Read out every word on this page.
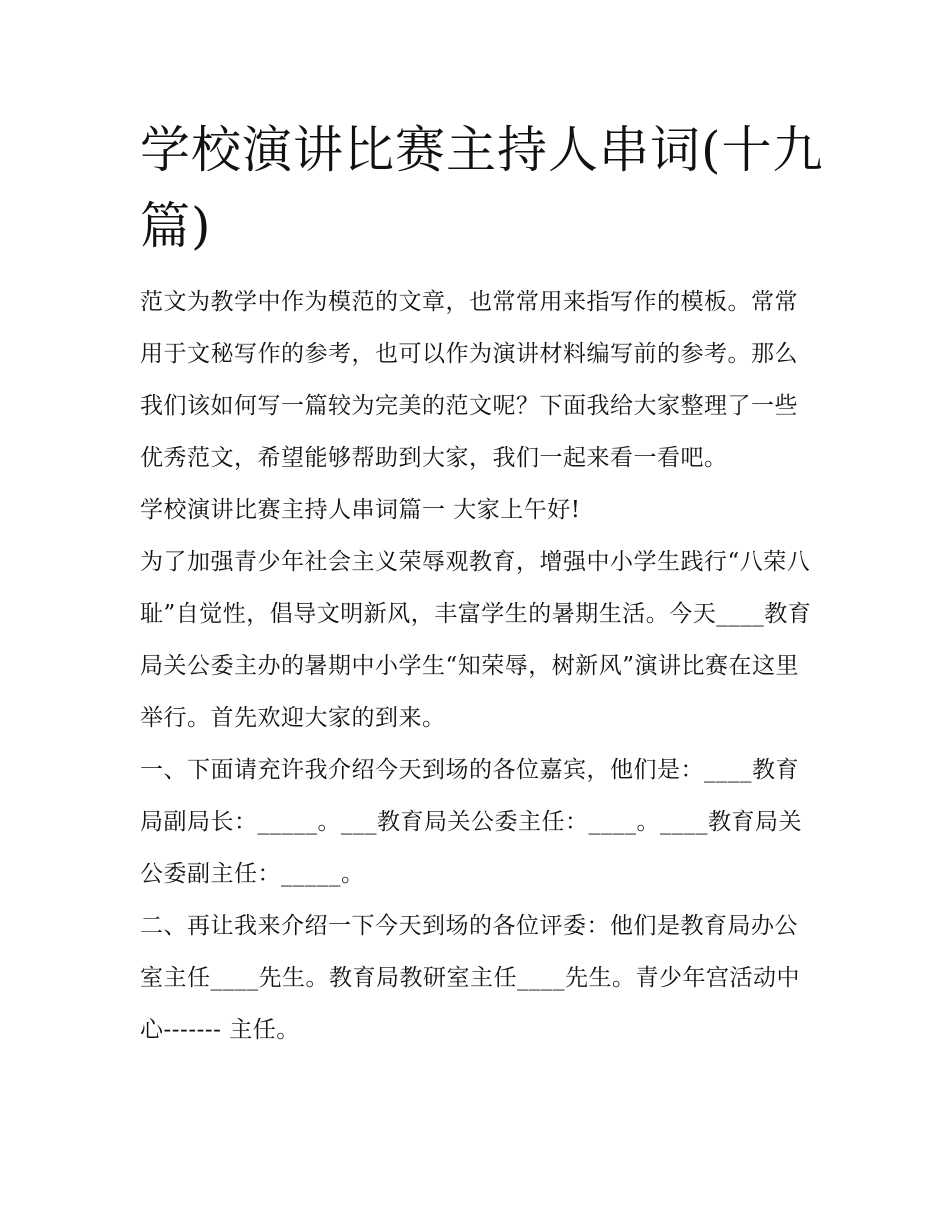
学校演讲比赛主持人串词(十九篇)

范文为教学中作为模范的文章，也常常用来指写作的模板。常常用于文秘写作的参考，也可以作为演讲材料编写前的参考。那么我们该如何写一篇较为完美的范文呢？下面我给大家整理了一些优秀范文，希望能够帮助到大家，我们一起来看一看吧。

学校演讲比赛主持人串词篇一 大家上午好!

为了加强青少年社会主义荣辱观教育，增强中小学生践行“八荣八耻”自觉性，倡导文明新风，丰富学生的暑期生活。今天____教育局关公委主办的暑期中小学生“知荣辱，树新风”演讲比赛在这里举行。首先欢迎大家的到来。

一、下面请充许我介绍今天到场的各位嘉宾，他们是：____教育局副局长：_____。___教育局关公委主任：____。____教育局关公委副主任：_____。

二、再让我来介绍一下今天到场的各位评委：他们是教育局办公室主任____先生。教育局教研室主任____先生。青少年宫活动中心------- 主任。
